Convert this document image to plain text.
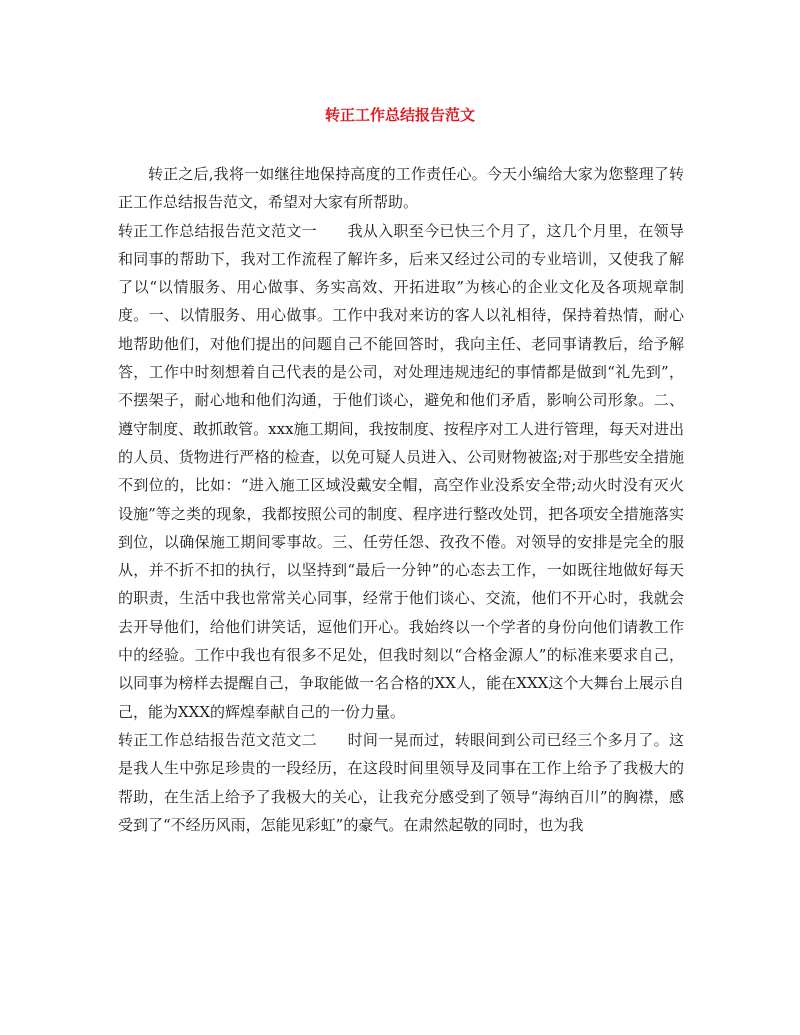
转正工作总结报告范文

转正之后,我将一如继往地保持高度的工作责任心。今天小编给大家为您整理了转正工作总结报告范文，希望对大家有所帮助。

转正工作总结报告范文范文一　　我从入职至今已快三个月了，这几个月里，在领导和同事的帮助下，我对工作流程了解许多，后来又经过公司的专业培训，又使我了解了以“以情服务、用心做事、务实高效、开拓进取”为核心的企业文化及各项规章制度。一、以情服务、用心做事。工作中我对来访的客人以礼相待，保持着热情，耐心地帮助他们，对他们提出的问题自己不能回答时，我向主任、老同事请教后，给予解答，工作中时刻想着自己代表的是公司，对处理违规违纪的事情都是做到“礼先到”，不摆架子，耐心地和他们沟通，于他们谈心，避免和他们矛盾，影响公司形象。二、遵守制度、敢抓敢管。xxx施工期间，我按制度、按程序对工人进行管理，每天对进出的人员、货物进行严格的检查，以免可疑人员进入、公司财物被盗;对于那些安全措施不到位的，比如：“进入施工区域没戴安全帽，高空作业没系安全带;动火时没有灭火设施”等之类的现象，我都按照公司的制度、程序进行整改处罚，把各项安全措施落实到位，以确保施工期间零事故。三、任劳任怨、孜孜不倦。对领导的安排是完全的服从，并不折不扣的执行，以坚持到“最后一分钟”的心态去工作，一如既往地做好每天的职责，生活中我也常常关心同事，经常于他们谈心、交流，他们不开心时，我就会去开导他们，给他们讲笑话，逗他们开心。我始终以一个学者的身份向他们请教工作中的经验。工作中我也有很多不足处，但我时刻以“合格金源人”的标准来要求自己，以同事为榜样去提醒自己，争取能做一名合格的XX人，能在XXX这个大舞台上展示自己，能为XXX的辉煌奉献自己的一份力量。

转正工作总结报告范文范文二　　时间一晃而过，转眼间到公司已经三个多月了。这是我人生中弥足珍贵的一段经历，在这段时间里领导及同事在工作上给予了我极大的帮助，在生活上给予了我极大的关心，让我充分感受到了领导“海纳百川”的胸襟，感受到了“不经历风雨，怎能见彩虹”的豪气。在肃然起敬的同时，也为我
